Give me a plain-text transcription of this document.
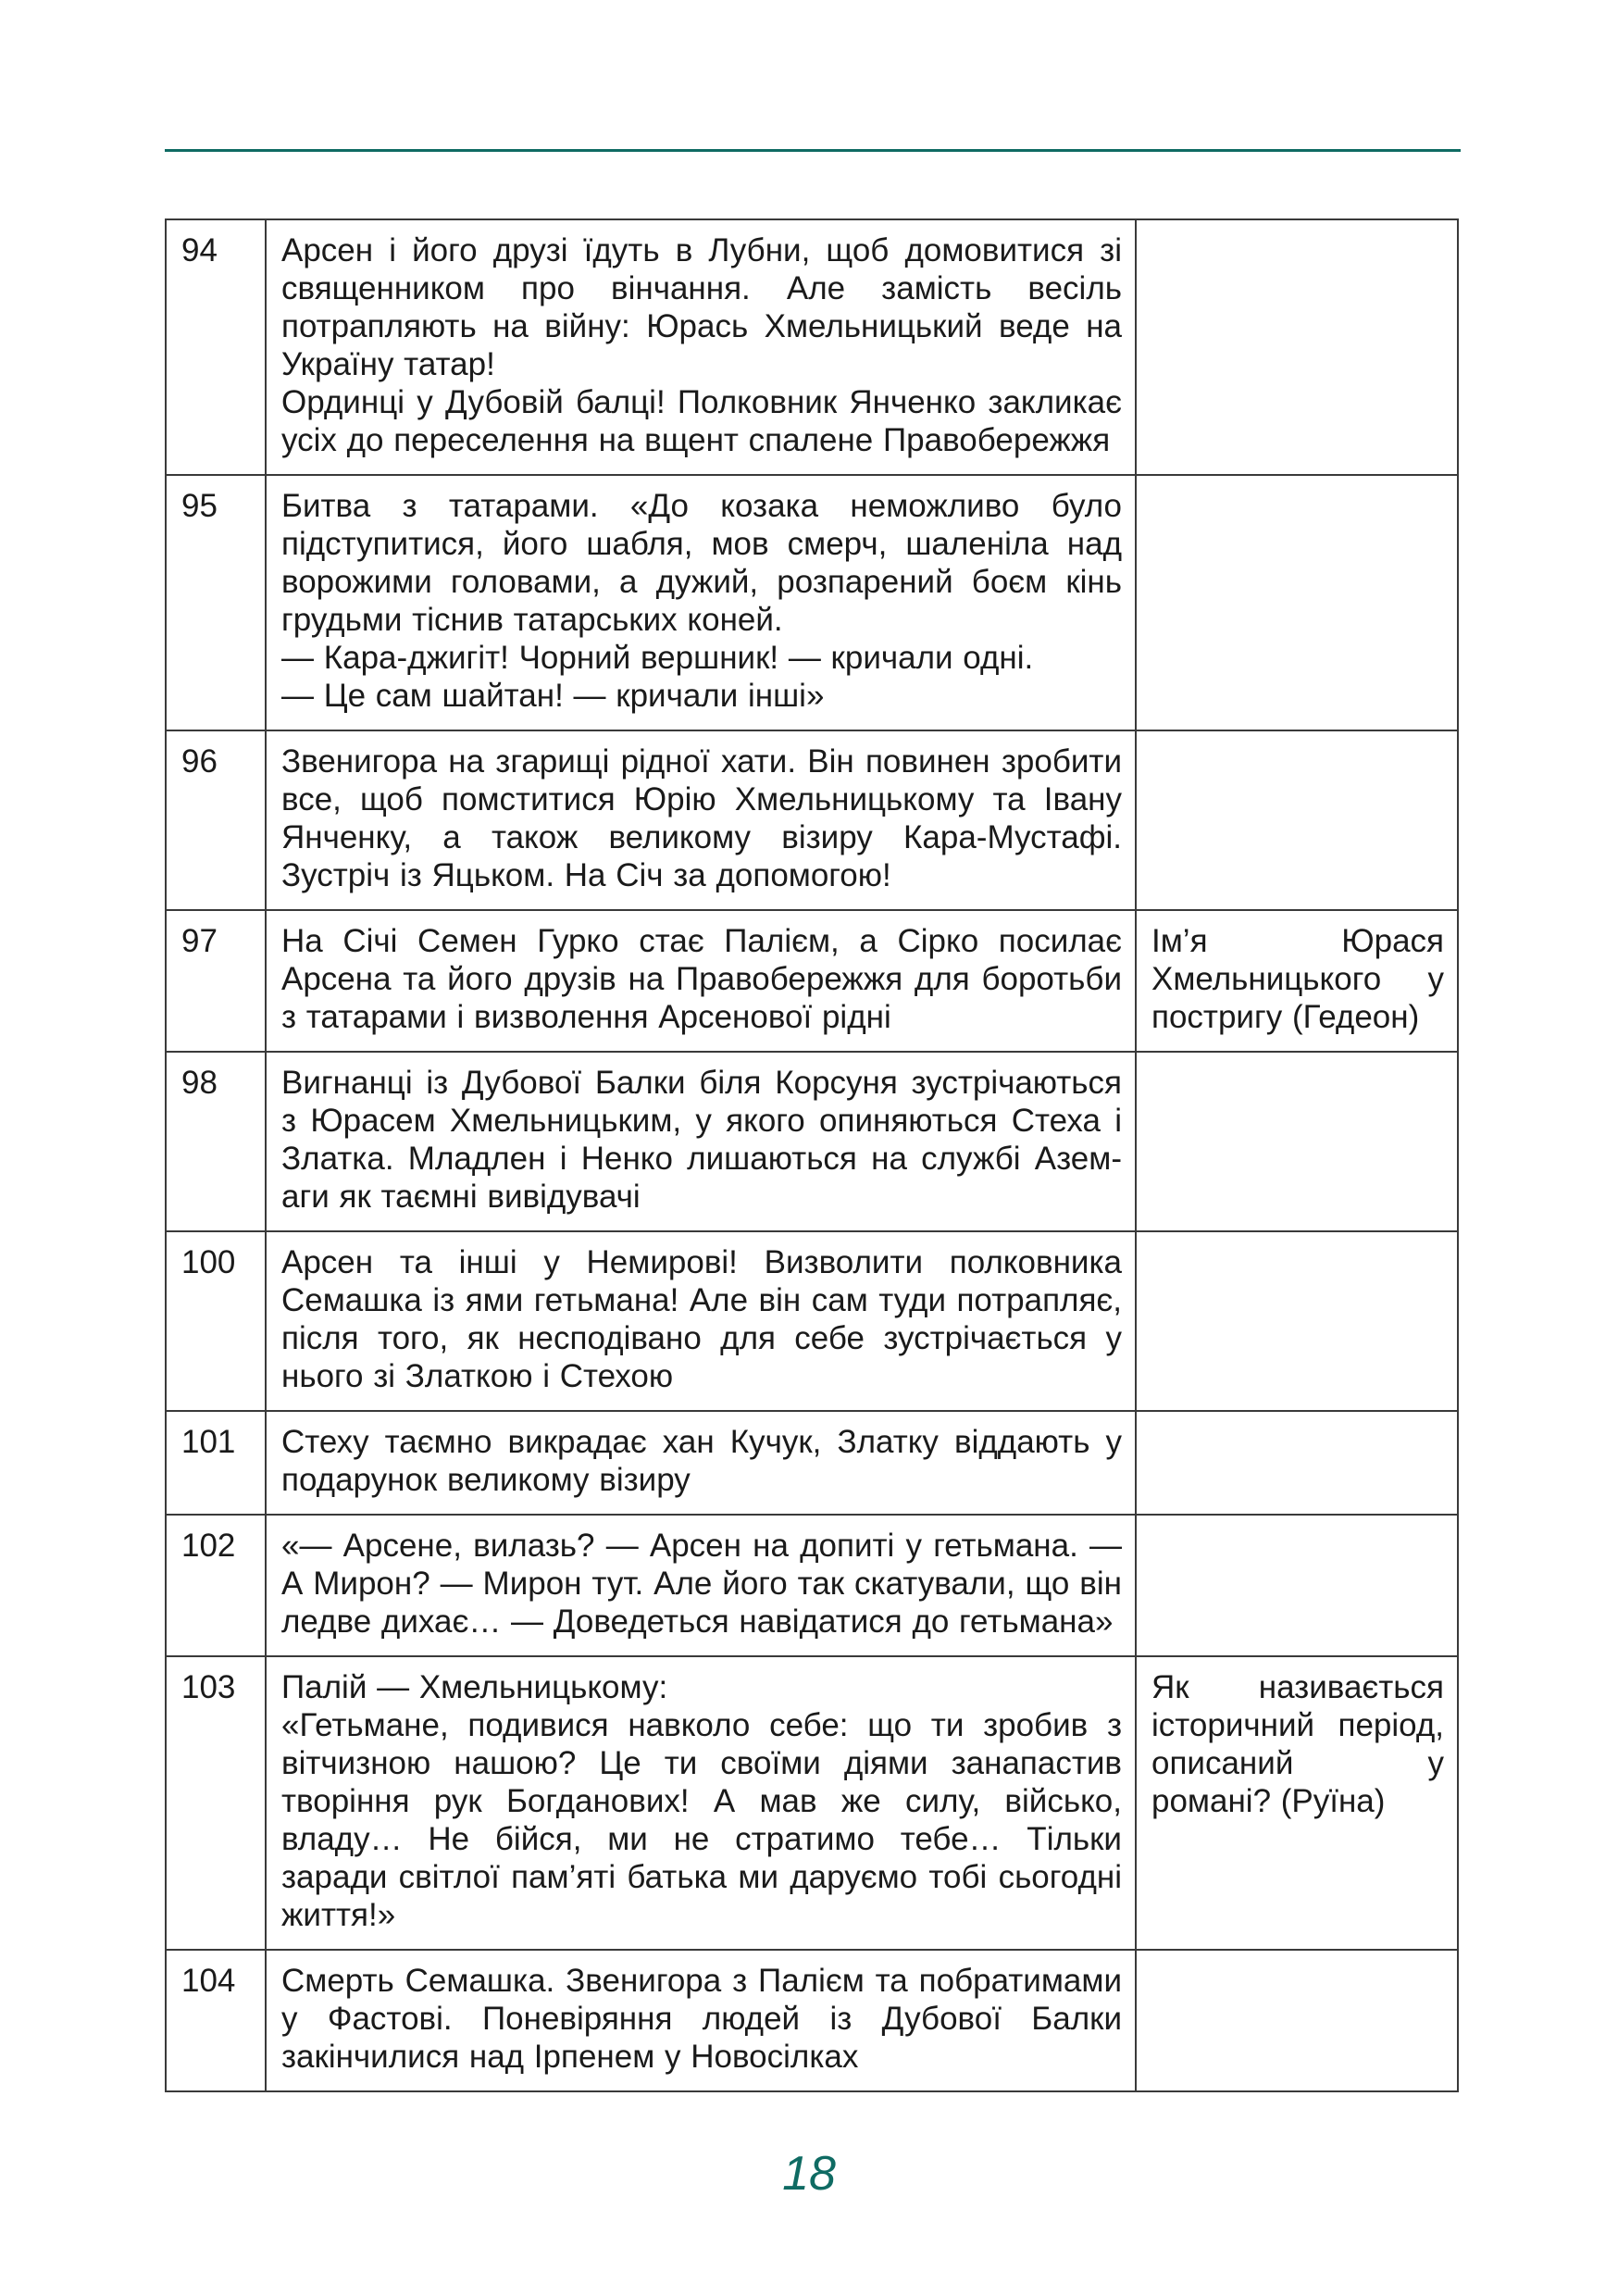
94	Арсен і його друзі їдуть в Лубни, щоб домовитися зі священником про вінчання. Але замість весіль потрапляють на війну: Юрась Хмельницький веде на Україну татар!
Ординці у Дубовій балці! Полковник Янченко закликає усіх до переселення на вщент спалене Правобережжя	

95	Битва з татарами. «До козака неможливо було підступитися, його шабля, мов смерч, шаленіла над ворожими головами, а дужий, розпарений боєм кінь грудьми тіснив татарських коней.
— Кара-джигіт! Чорний вершник! — кричали одні.
— Це сам шайтан! — кричали інші»	

96	Звенигора на згарищі рідної хати. Він повинен зробити все, щоб помститися Юрію Хмельницькому та Івану Янченку, а також великому візиру Кара-Мустафі. Зустріч із Яцьком. На Січ за допомогою!	

97	На Січі Семен Гурко стає Палієм, а Сірко посилає Арсена та його друзів на Правобережжя для боротьби з татарами і визволення Арсенової рідні	Ім’я Юрася Хмельницького у постригу (Гедеон)
98	Вигнанці із Дубової Балки біля Корсуня зустрічаються з Юрасем Хмельницьким, у якого опиняються Стеха і Златка. Младлен і Ненко лишаються на службі Азем-аги як таємні вивідувачі	

100	Арсен та інші у Немирові! Визволити полковника Семашка із ями гетьмана! Але він сам туди потрапляє, після того, як несподівано для себе зустрічається у нього зі Златкою і Стехою	

101	Стеху таємно викрадає хан Кучук, Златку віддають у подарунок великому візиру	

102	«— Арсене, вилазь? — Арсен на допиті у гетьмана. — А Мирон? — Мирон тут. Але його так скатували, що він ледве дихає… — Доведеться навідатися до гетьмана»	

103	Палій — Хмельницькому:
«Гетьмане, подивися навколо себе: що ти зробив з вітчизною нашою? Це ти своїми діями занапастив творіння рук Богданових! А мав же силу, військо, владу… Не бійся, ми не стратимо тебе… Тільки заради світлої пам’яті батька ми даруємо тобі сьогодні життя!»	Як називається історичний період, описаний у романі? (Руїна)
104	Смерть Семашка. Звенигора з Палієм та побратимами у Фастові. Поневіряння людей із Дубової Балки закінчилися над Ірпенем у Новосілках	

18
